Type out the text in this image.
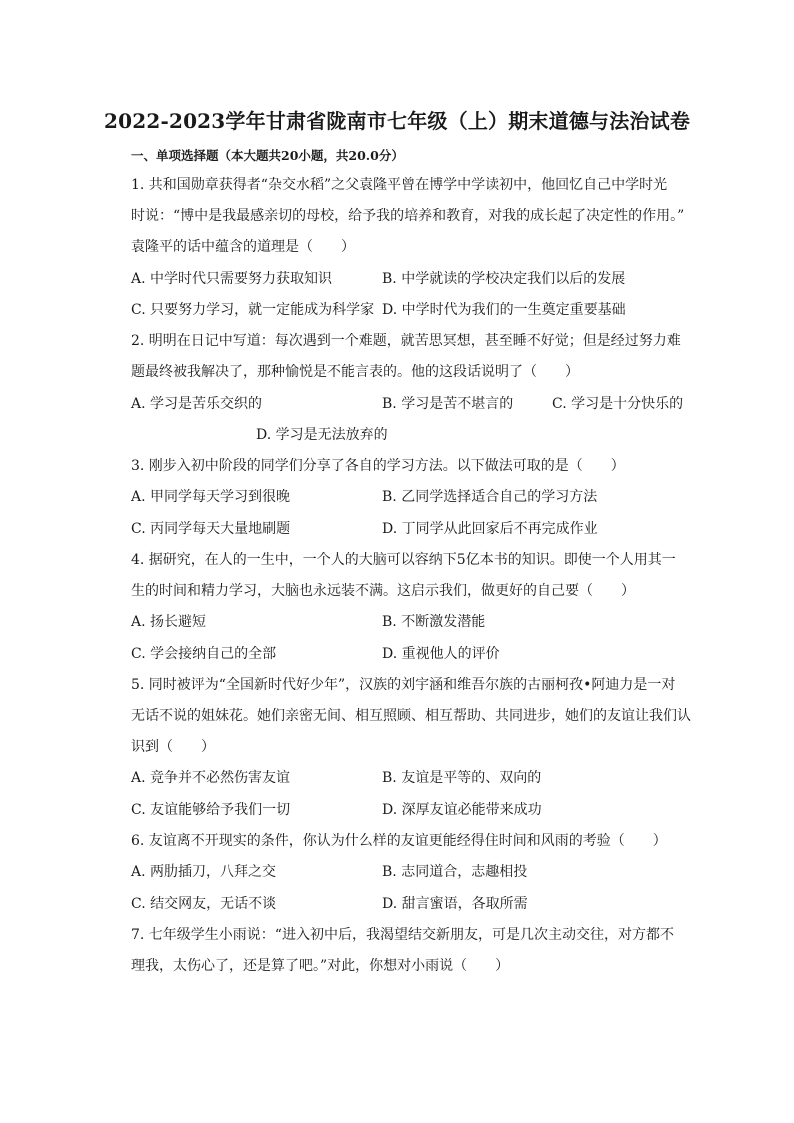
2022-2023学年甘肃省陇南市七年级（上）期末道德与法治试卷
一、单项选择题（本大题共20小题，共20.0分）
1. 共和国勋章获得者“杂交水稻”之父袁隆平曾在博学中学读初中，他回忆自己中学时光
时说：“博中是我最感亲切的母校，给予我的培养和教育，对我的成长起了决定性的作用。”
袁隆平的话中蕴含的道理是（　　）
A. 中学时代只需要努力获取知识	B. 中学就读的学校决定我们以后的发展
C. 只要努力学习，就一定能成为科学家 D. 中学时代为我们的一生奠定重要基础
2. 明明在日记中写道：每次遇到一个难题，就苦思冥想，甚至睡不好觉；但是经过努力难
题最终被我解决了，那种愉悦是不能言表的。他的这段话说明了（　　）
A. 学习是苦乐交织的	B. 学习是苦不堪言的	C. 学习是十分快乐的
D. 学习是无法放弃的
3. 刚步入初中阶段的同学们分享了各自的学习方法。以下做法可取的是（　　）
A. 甲同学每天学习到很晚	B. 乙同学选择适合自己的学习方法
C. 丙同学每天大量地刷题	D. 丁同学从此回家后不再完成作业
4. 据研究，在人的一生中，一个人的大脑可以容纳下5亿本书的知识。即使一个人用其一
生的时间和精力学习，大脑也永远装不满。这启示我们，做更好的自己要（　　）
A. 扬长避短	B. 不断激发潜能
C. 学会接纳自己的全部	D. 重视他人的评价
5. 同时被评为“全国新时代好少年”，汉族的刘宇涵和维吾尔族的古丽柯孜•阿迪力是一对
无话不说的姐妹花。她们亲密无间、相互照顾、相互帮助、共同进步，她们的友谊让我们认
识到（　　）
A. 竞争并不必然伤害友谊	B. 友谊是平等的、双向的
C. 友谊能够给予我们一切	D. 深厚友谊必能带来成功
6. 友谊离不开现实的条件，你认为什么样的友谊更能经得住时间和风雨的考验（　　）
A. 两肋插刀，八拜之交	B. 志同道合，志趣相投
C. 结交网友，无话不谈	D. 甜言蜜语，各取所需
7. 七年级学生小雨说：“进入初中后，我渴望结交新朋友，可是几次主动交往，对方都不
理我，太伤心了，还是算了吧。”对此，你想对小雨说（　　）
